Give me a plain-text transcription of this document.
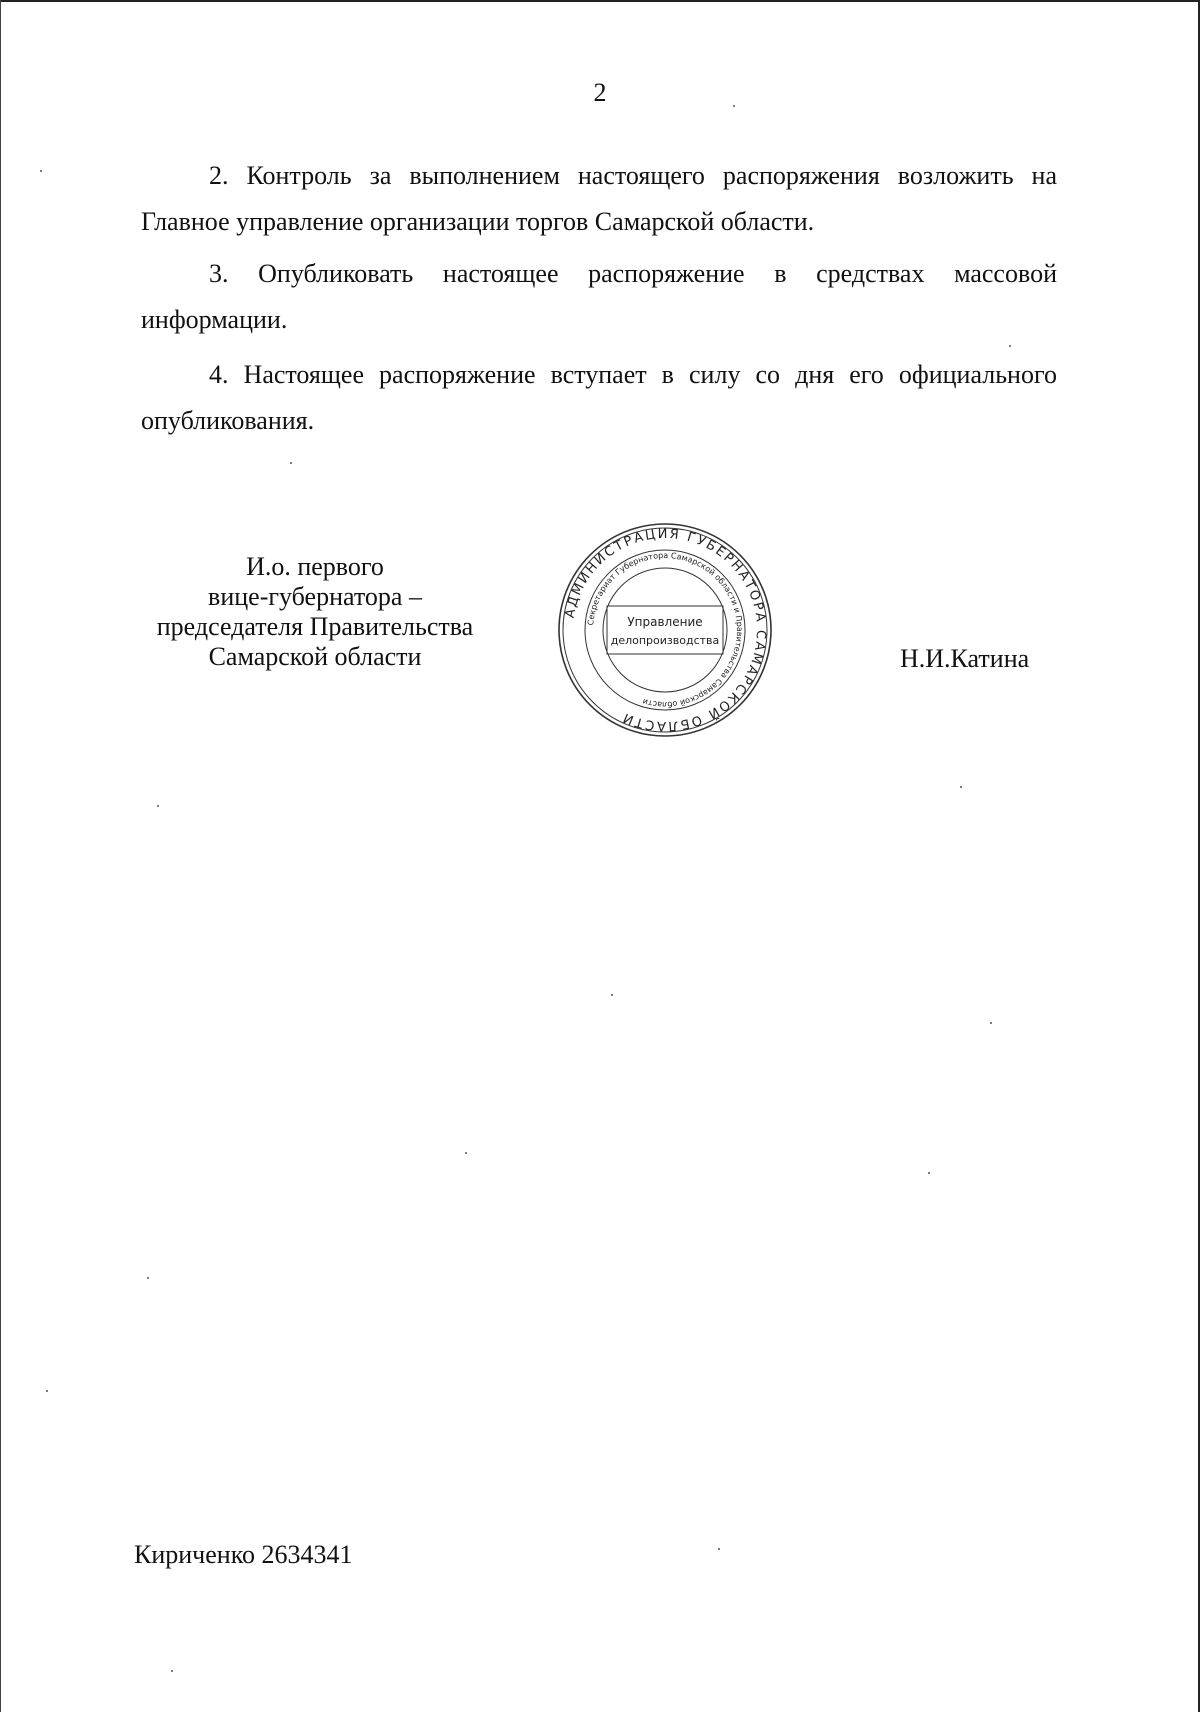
2
2. Контроль за выполнением настоящего распоряжения возложить на Главное управление организации торгов Самарской области.
3. Опубликовать настоящее распоряжение в средствах массовой информации.
4. Настоящее распоряжение вступает в силу со дня его официального опубликования.
И.о. первого
вице-губернатора –
председателя Правительства
Самарской области
АДМИНИСТРАЦИЯ ГУБЕРНАТОРА САМАРСКОЙ ОБЛАСТИ
Секретариат Губернатора Самарской области и Правительства Самарской области
Управление
делопроизводства
Н.И.Катина
Кириченко 2634341
